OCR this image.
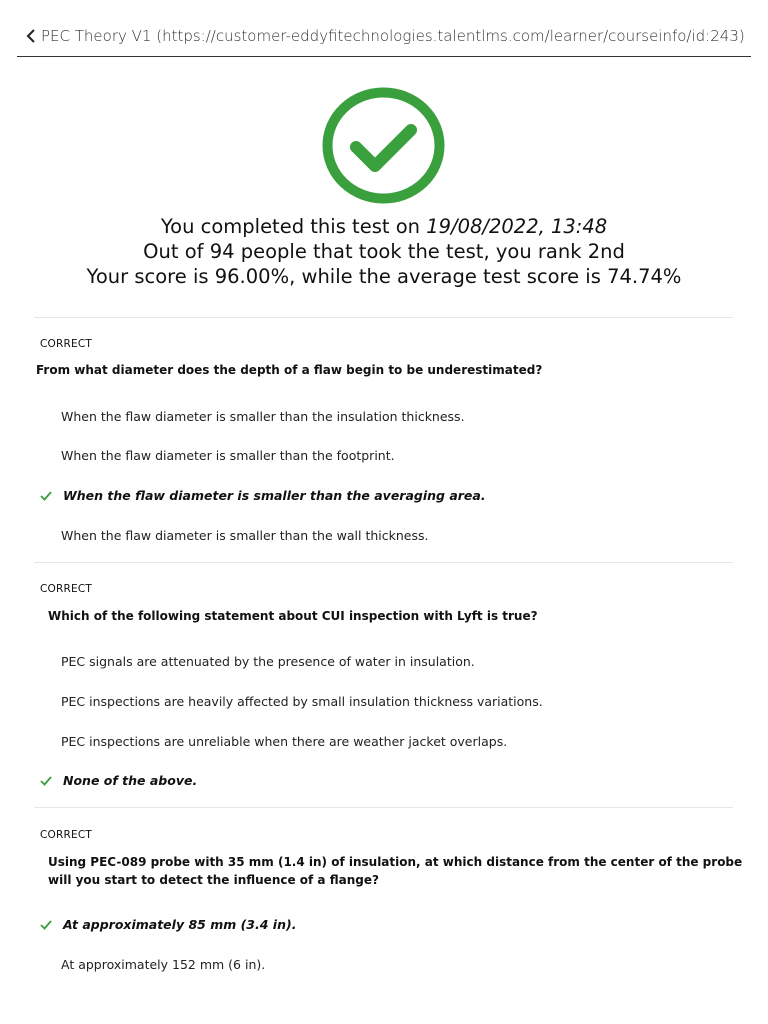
PEC Theory V1 (https://customer-eddyfitechnologies.talentlms.com/learner/courseinfo/id:243)
You completed this test on 19/08/2022, 13:48
Out of 94 people that took the test, you rank 2nd
Your score is 96.00%, while the average test score is 74.74%
CORRECT
From what diameter does the depth of a flaw begin to be underestimated?
When the flaw diameter is smaller than the insulation thickness.
When the flaw diameter is smaller than the footprint.
When the flaw diameter is smaller than the averaging area.
When the flaw diameter is smaller than the wall thickness.
CORRECT
Which of the following statement about CUI inspection with Lyft is true?
PEC signals are attenuated by the presence of water in insulation.
PEC inspections are heavily affected by small insulation thickness variations.
PEC inspections are unreliable when there are weather jacket overlaps.
None of the above.
CORRECT
Using PEC-089 probe with 35 mm (1.4 in) of insulation, at which distance from the center of the probe
will you start to detect the influence of a flange?
At approximately 85 mm (3.4 in).
At approximately 152 mm (6 in).
